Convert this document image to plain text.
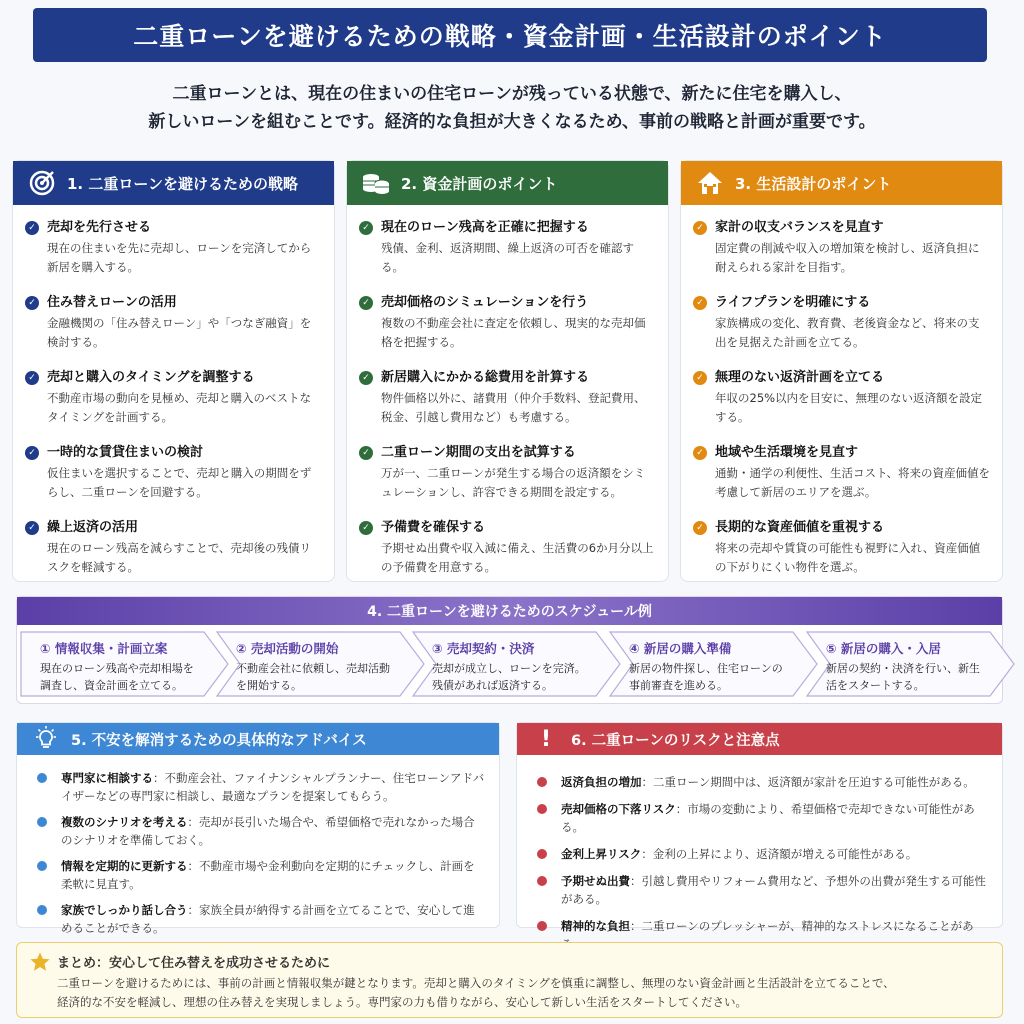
二重ローンを避けるための戦略・資金計画・生活設計のポイント
二重ローンとは、現在の住まいの住宅ローンが残っている状態で、新たに住宅を購入し、
新しいローンを組むことです。経済的な負担が大きくなるため、事前の戦略と計画が重要です。
1. 二重ローンを避けるための戦略
✓ 売却を先行させる
現在の住まいを先に売却し、ローンを完済してから新居を購入する。
✓ 住み替えローンの活用
金融機関の「住み替えローン」や「つなぎ融資」を検討する。
✓ 売却と購入のタイミングを調整する
不動産市場の動向を見極め、売却と購入のベストなタイミングを計画する。
✓ 一時的な賃貸住まいの検討
仮住まいを選択することで、売却と購入の期間をずらし、二重ローンを回避する。
✓ 繰上返済の活用
現在のローン残高を減らすことで、売却後の残債リスクを軽減する。
2. 資金計画のポイント
✓ 現在のローン残高を正確に把握する
残債、金利、返済期間、繰上返済の可否を確認する。
✓ 売却価格のシミュレーションを行う
複数の不動産会社に査定を依頼し、現実的な売却価格を把握する。
✓ 新居購入にかかる総費用を計算する
物件価格以外に、諸費用（仲介手数料、登記費用、税金、引越し費用など）も考慮する。
✓ 二重ローン期間の支出を試算する
万が一、二重ローンが発生する場合の返済額をシミュレーションし、許容できる期間を設定する。
✓ 予備費を確保する
予期せぬ出費や収入減に備え、生活費の6か月分以上の予備費を用意する。
3. 生活設計のポイント
✓ 家計の収支バランスを見直す
固定費の削減や収入の増加策を検討し、返済負担に耐えられる家計を目指す。
✓ ライフプランを明確にする
家族構成の変化、教育費、老後資金など、将来の支出を見据えた計画を立てる。
✓ 無理のない返済計画を立てる
年収の25%以内を目安に、無理のない返済額を設定する。
✓ 地域や生活環境を見直す
通勤・通学の利便性、生活コスト、将来の資産価値を考慮して新居のエリアを選ぶ。
✓ 長期的な資産価値を重視する
将来の売却や賃貸の可能性も視野に入れ、資産価値の下がりにくい物件を選ぶ。
4. 二重ローンを避けるためのスケジュール例
① 情報収集・計画立案
現在のローン残高や売却相場を調査し、資金計画を立てる。
② 売却活動の開始
不動産会社に依頼し、売却活動を開始する。
③ 売却契約・決済
売却が成立し、ローンを完済。残債があれば返済する。
④ 新居の購入準備
新居の物件探し、住宅ローンの事前審査を進める。
⑤ 新居の購入・入居
新居の契約・決済を行い、新生活をスタートする。
5. 不安を解消するための具体的なアドバイス
専門家に相談する：不動産会社、ファイナンシャルプランナー、住宅ローンアドバイザーなどの専門家に相談し、最適なプランを提案してもらう。
複数のシナリオを考える：売却が長引いた場合や、希望価格で売れなかった場合のシナリオを準備しておく。
情報を定期的に更新する：不動産市場や金利動向を定期的にチェックし、計画を柔軟に見直す。
家族でしっかり話し合う：家族全員が納得する計画を立てることで、安心して進めることができる。
!	6. 二重ローンのリスクと注意点
返済負担の増加：二重ローン期間中は、返済額が家計を圧迫する可能性がある。
売却価格の下落リスク：市場の変動により、希望価格で売却できない可能性がある。
金利上昇リスク：金利の上昇により、返済額が増える可能性がある。
予期せぬ出費：引越し費用やリフォーム費用など、予想外の出費が発生する可能性がある。
精神的な負担：二重ローンのプレッシャーが、精神的なストレスになることがあ
まとめ：安心して住み替えを成功させるために
二重ローンを避けるためには、事前の計画と情報収集が鍵となります。売却と購入のタイミングを慎重に調整し、無理のない資金計画と生活設計を立てることで、
経済的な不安を軽減し、理想の住み替えを実現しましょう。専門家の力も借りながら、安心して新しい生活をスタートしてください。
